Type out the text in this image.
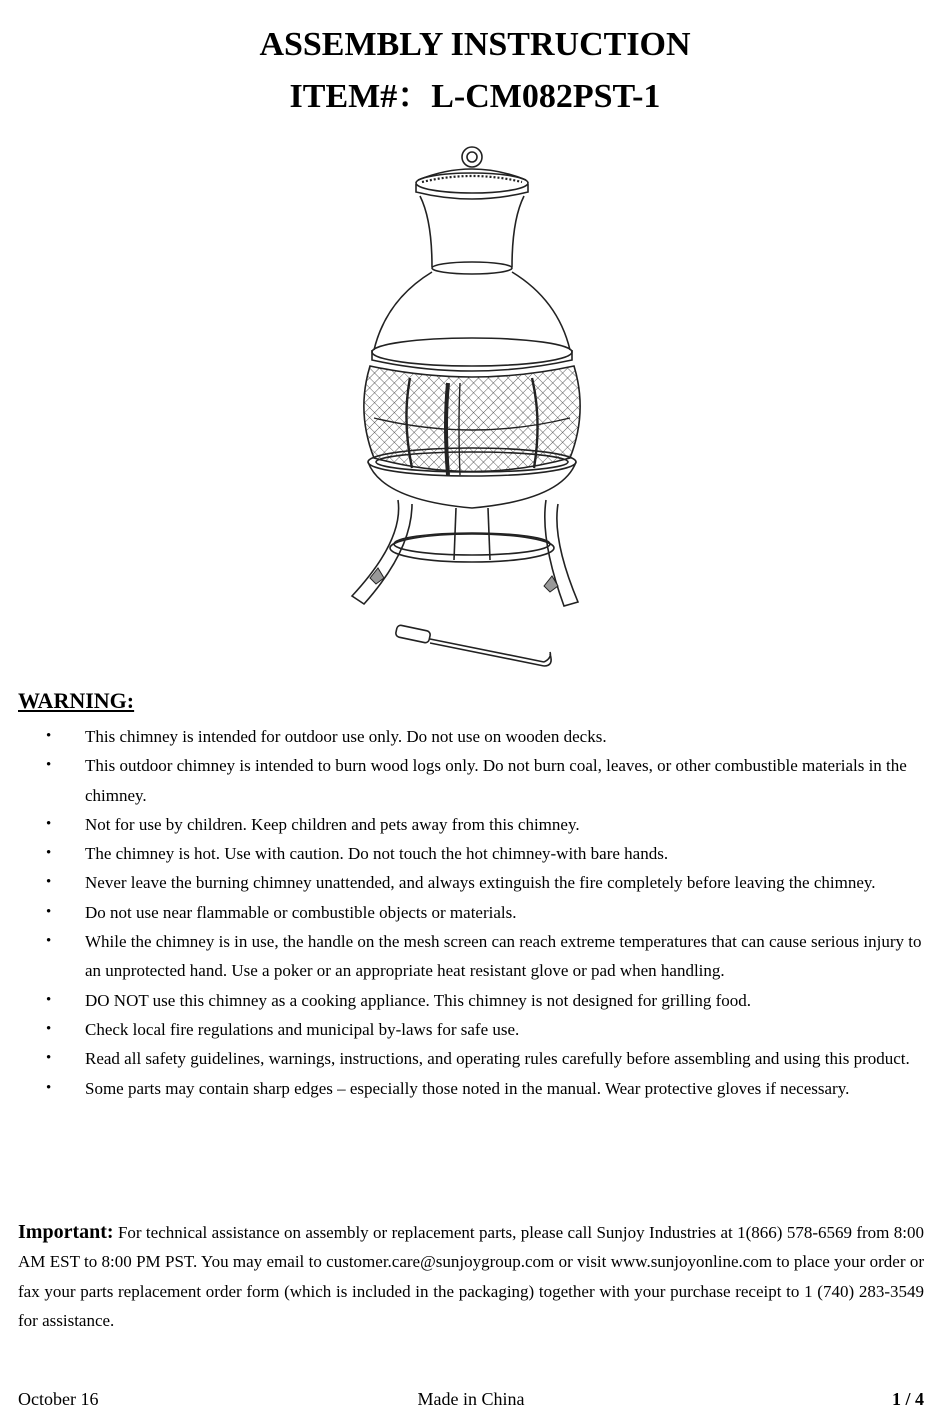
ASSEMBLY INSTRUCTION
ITEM#：L-CM082PST-1
WARNING:
• This chimney is intended for outdoor use only. Do not use on wooden decks.
• This outdoor chimney is intended to burn wood logs only. Do not burn coal, leaves, or other combustible materials in the chimney.
• Not for use by children. Keep children and pets away from this chimney.
• The chimney is hot. Use with caution. Do not touch the hot chimney-with bare hands.
• Never leave the burning chimney unattended, and always extinguish the fire completely before leaving the chimney.
• Do not use near flammable or combustible objects or materials.
• While the chimney is in use, the handle on the mesh screen can reach extreme temperatures that can cause serious injury to an unprotected hand. Use a poker or an appropriate heat resistant glove or pad when handling.
• DO NOT use this chimney as a cooking appliance. This chimney is not designed for grilling food.
• Check local fire regulations and municipal by-laws for safe use.
• Read all safety guidelines, warnings, instructions, and operating rules carefully before assembling and using this product.
• Some parts may contain sharp edges – especially those noted in the manual. Wear protective gloves if necessary.

Important: For technical assistance on assembly or replacement parts, please call Sunjoy Industries at 1(866) 578-6569 from 8:00 AM EST to 8:00 PM PST. You may email to customer.care@sunjoygroup.com or visit www.sunjoyonline.com to place your order or fax your parts replacement order form (which is included in the packaging) together with your purchase receipt to 1 (740) 283-3549 for assistance.

Made in China
October 16	1 / 4
